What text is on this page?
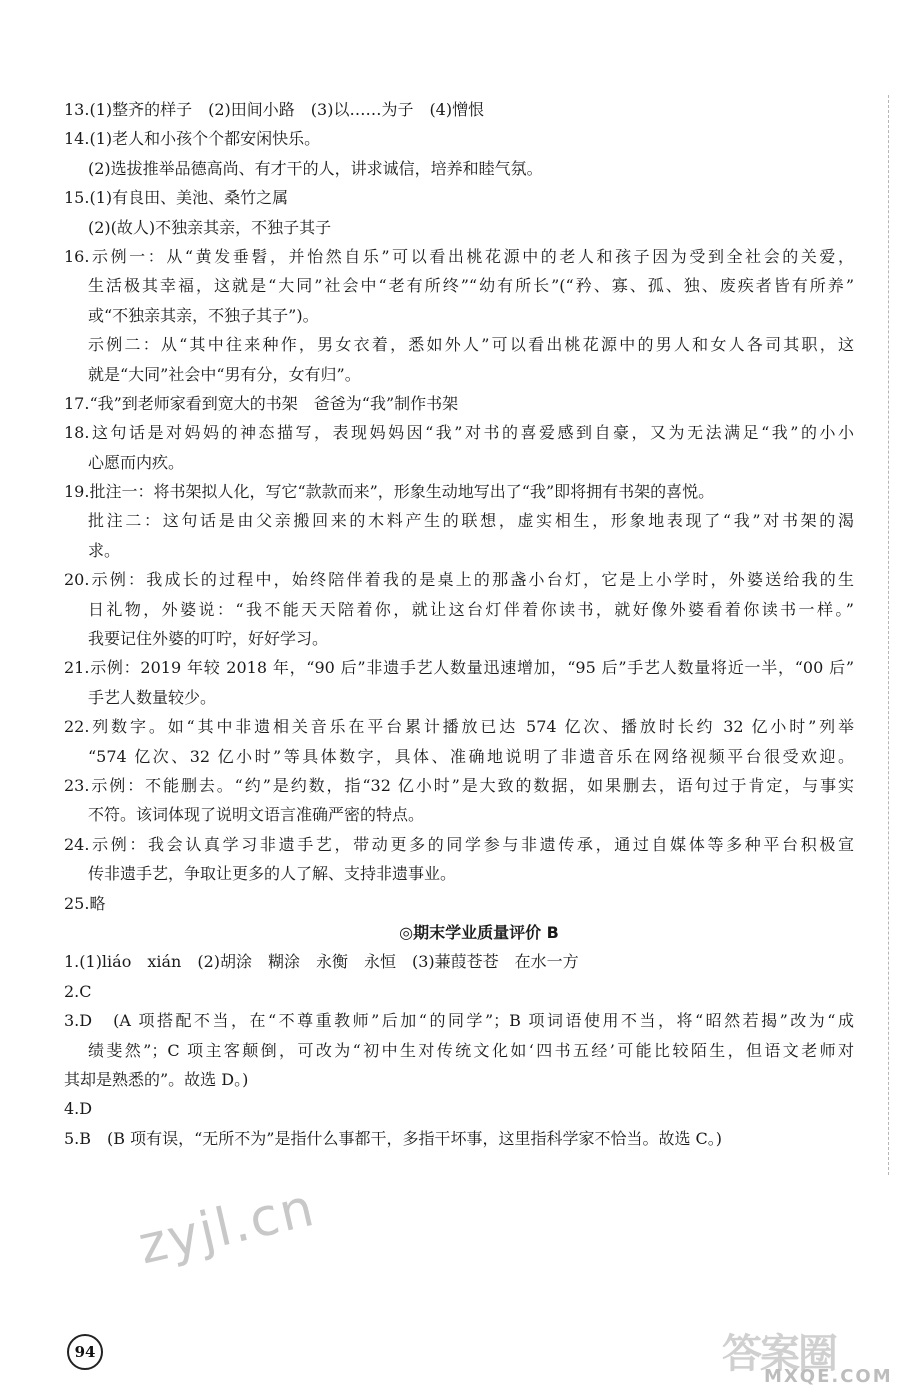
13.(1)整齐的样子　(2)田间小路　(3)以……为子　(4)憎恨
14.(1)老人和小孩个个都安闲快乐。
(2)选拔推举品德高尚、有才干的人，讲求诚信，培养和睦气氛。
15.(1)有良田、美池、桑竹之属
(2)(故人)不独亲其亲，不独子其子
16.示例一：从“黄发垂髫，并怡然自乐”可以看出桃花源中的老人和孩子因为受到全社会的关爱，
生活极其幸福，这就是“大同”社会中“老有所终”“幼有所长”(“矜、寡、孤、独、废疾者皆有所养”
或“不独亲其亲，不独子其子”)。
示例二：从“其中往来种作，男女衣着，悉如外人”可以看出桃花源中的男人和女人各司其职，这
就是“大同”社会中“男有分，女有归”。
17.“我”到老师家看到宽大的书架　爸爸为“我”制作书架
18.这句话是对妈妈的神态描写，表现妈妈因“我”对书的喜爱感到自豪，又为无法满足“我”的小小
心愿而内疚。
19.批注一：将书架拟人化，写它“款款而来”，形象生动地写出了“我”即将拥有书架的喜悦。
批注二：这句话是由父亲搬回来的木料产生的联想，虚实相生，形象地表现了“我”对书架的渴
求。
20.示例：我成长的过程中，始终陪伴着我的是桌上的那盏小台灯，它是上小学时，外婆送给我的生
日礼物，外婆说：“我不能天天陪着你，就让这台灯伴着你读书，就好像外婆看着你读书一样。”
我要记住外婆的叮咛，好好学习。
21.示例：2019 年较 2018 年，“90 后”非遗手艺人数量迅速增加，“95 后”手艺人数量将近一半，“00 后”
手艺人数量较少。
22.列数字。如“其中非遗相关音乐在平台累计播放已达 574 亿次、播放时长约 32 亿小时”列举
“574 亿次、32 亿小时”等具体数字，具体、准确地说明了非遗音乐在网络视频平台很受欢迎。
23.示例：不能删去。“约”是约数，指“32 亿小时”是大致的数据，如果删去，语句过于肯定，与事实
不符。该词体现了说明文语言准确严密的特点。
24.示例：我会认真学习非遗手艺，带动更多的同学参与非遗传承，通过自媒体等多种平台积极宣
传非遗手艺，争取让更多的人了解、支持非遗事业。
25.略
◎期末学业质量评价 B
1.(1)liáo　xián　(2)胡涂　糊涂　永衡　永恒　(3)蒹葭苍苍　在水一方
2.C
3.D　(A 项搭配不当，在“不尊重教师”后加“的同学”；B 项词语使用不当，将“昭然若揭”改为“成
绩斐然”；C 项主客颠倒，可改为“初中生对传统文化如‘四书五经’可能比较陌生，但语文老师对
其却是熟悉的”。故选 D。)
4.D
5.B　(B 项有误，“无所不为”是指什么事都干，多指干坏事，这里指科学家不恰当。故选 C。)
zyjl.cn
94	答案圈
MXQE.COM
